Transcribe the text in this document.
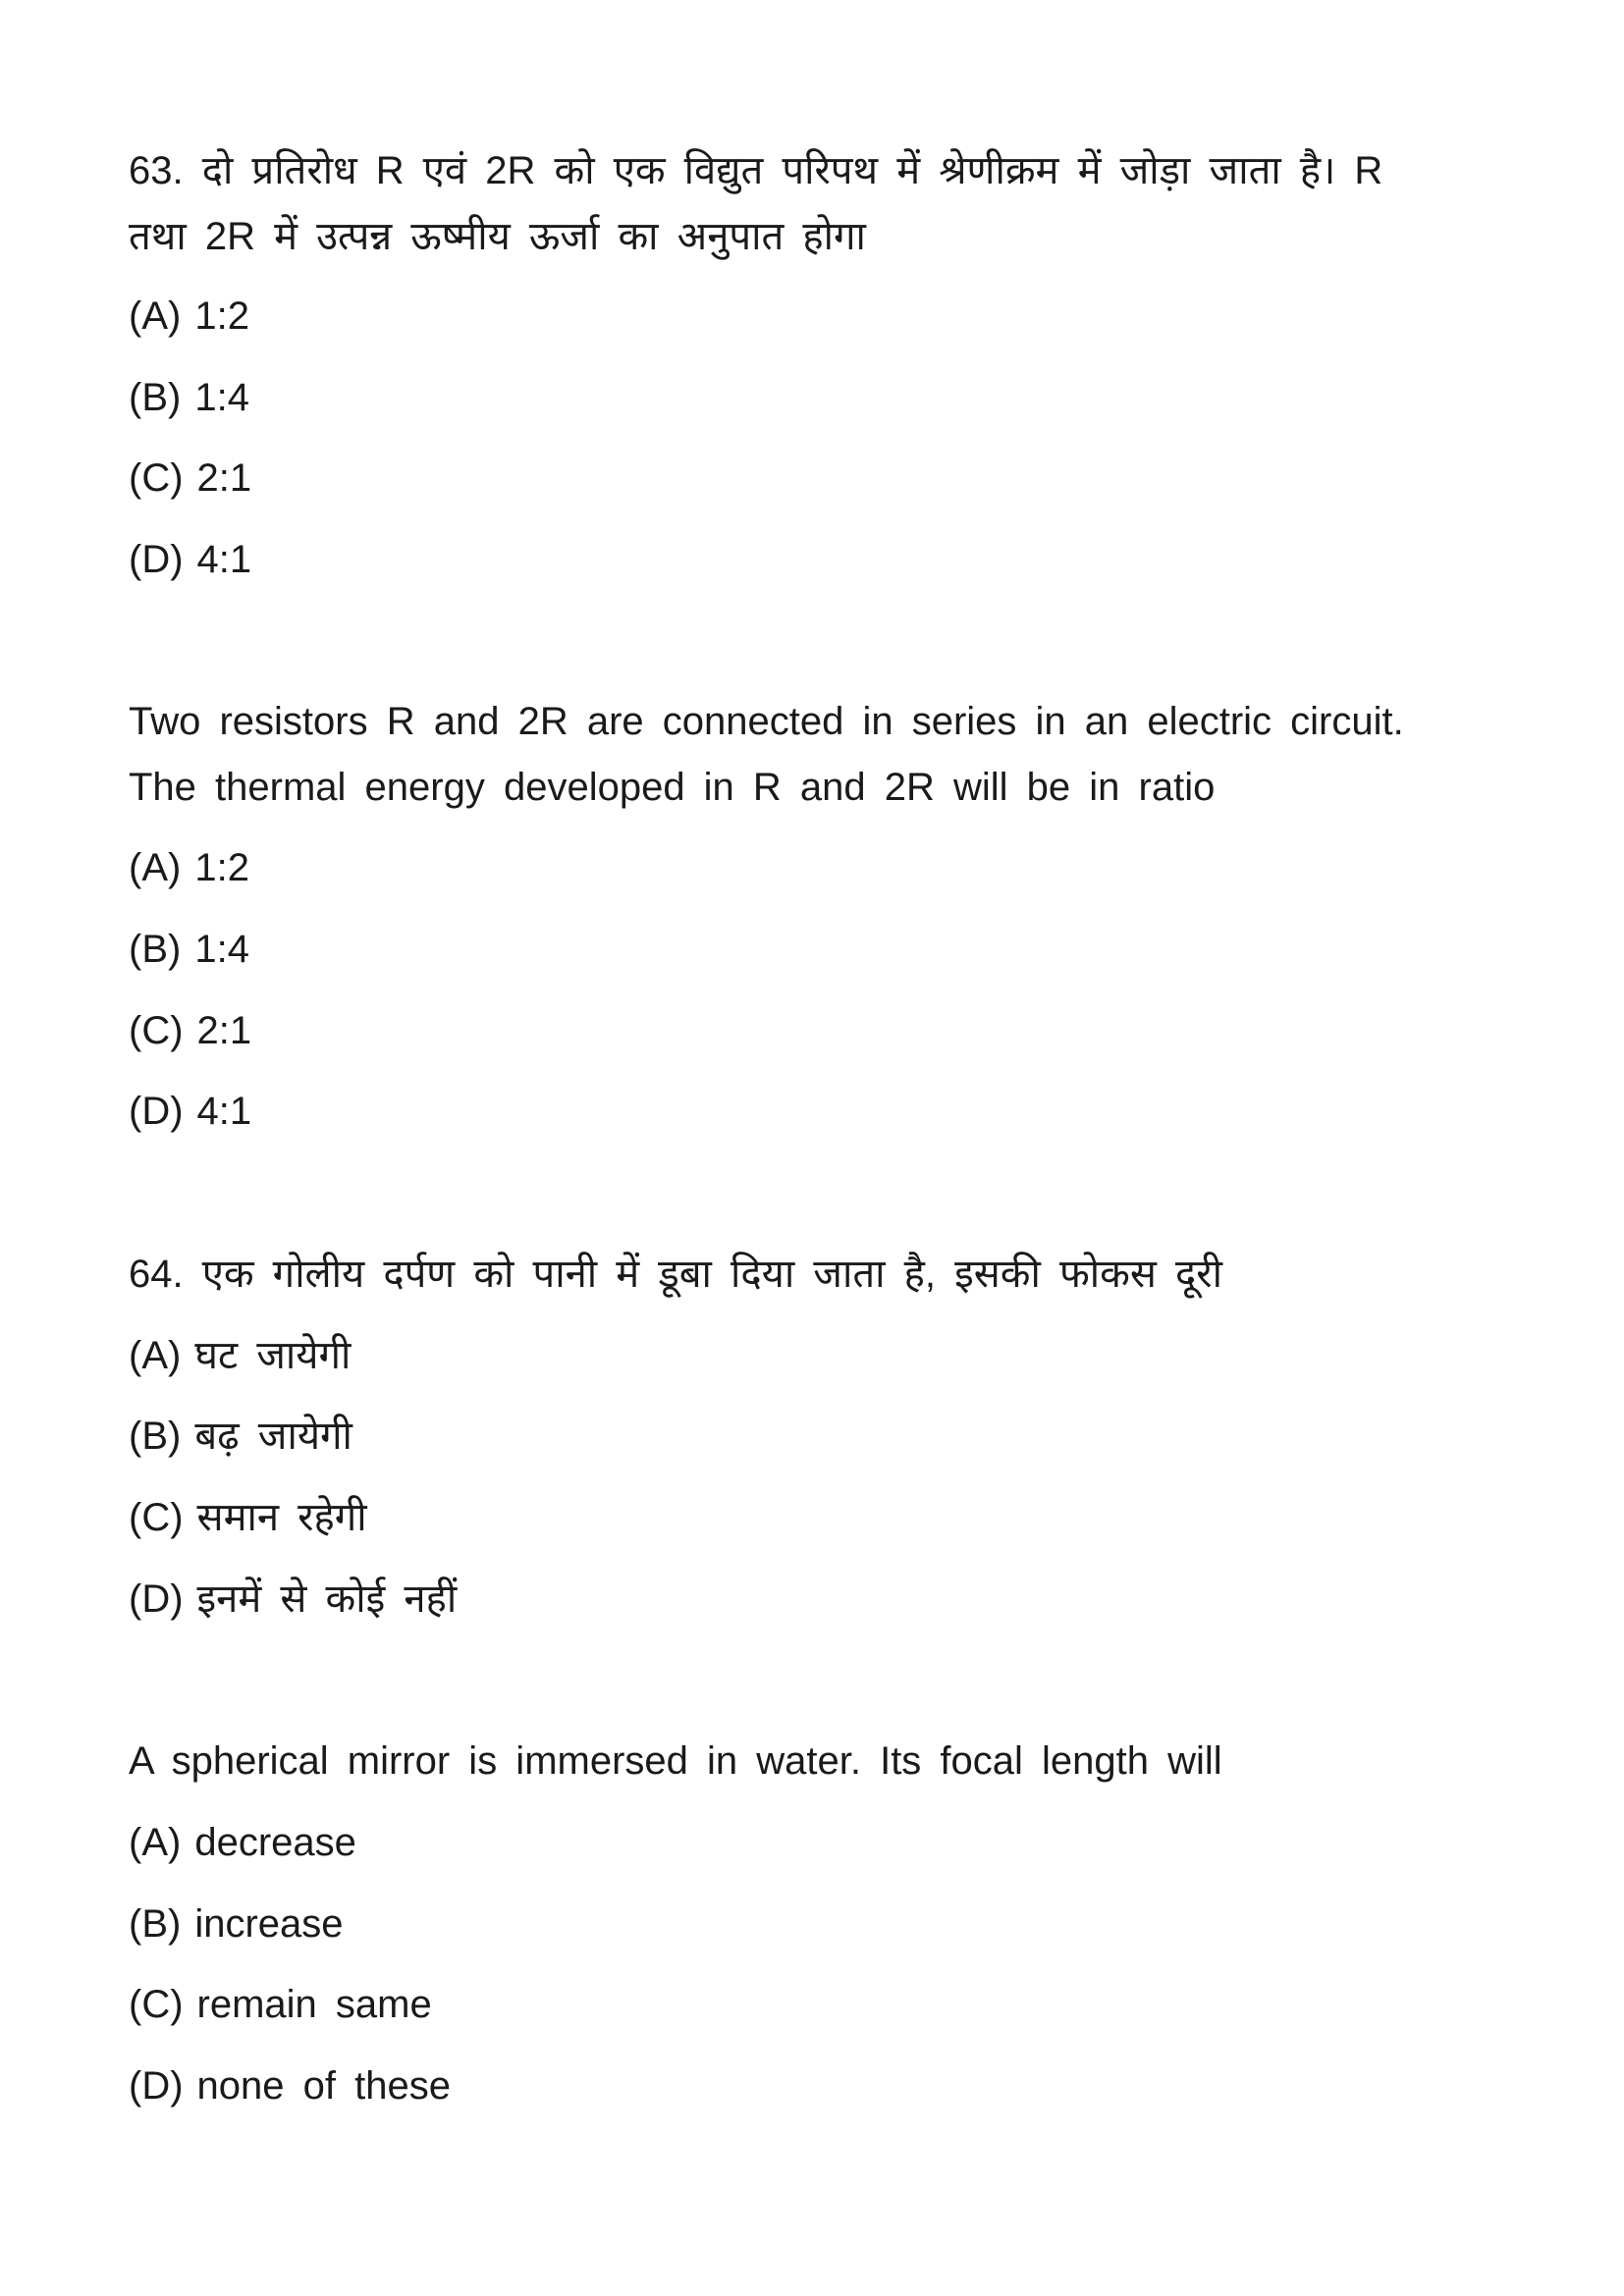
63. दो प्रतिरोध R एवं 2R को एक विद्युत परिपथ में श्रेणीक्रम में जोड़ा जाता है। R
तथा 2R में उत्पन्न ऊष्मीय ऊर्जा का अनुपात होगा
(A) 1:2
(B) 1:4
(C) 2:1
(D) 4:1
Two resistors R and 2R are connected in series in an electric circuit.
The thermal energy developed in R and 2R will be in ratio
(A) 1:2
(B) 1:4
(C) 2:1
(D) 4:1
64. एक गोलीय दर्पण को पानी में डूबा दिया जाता है, इसकी फोकस दूरी
(A) घट जायेगी
(B) बढ़ जायेगी
(C) समान रहेगी
(D) इनमें से कोई नहीं
A spherical mirror is immersed in water. Its focal length will
(A) decrease
(B) increase
(C) remain same
(D) none of these
